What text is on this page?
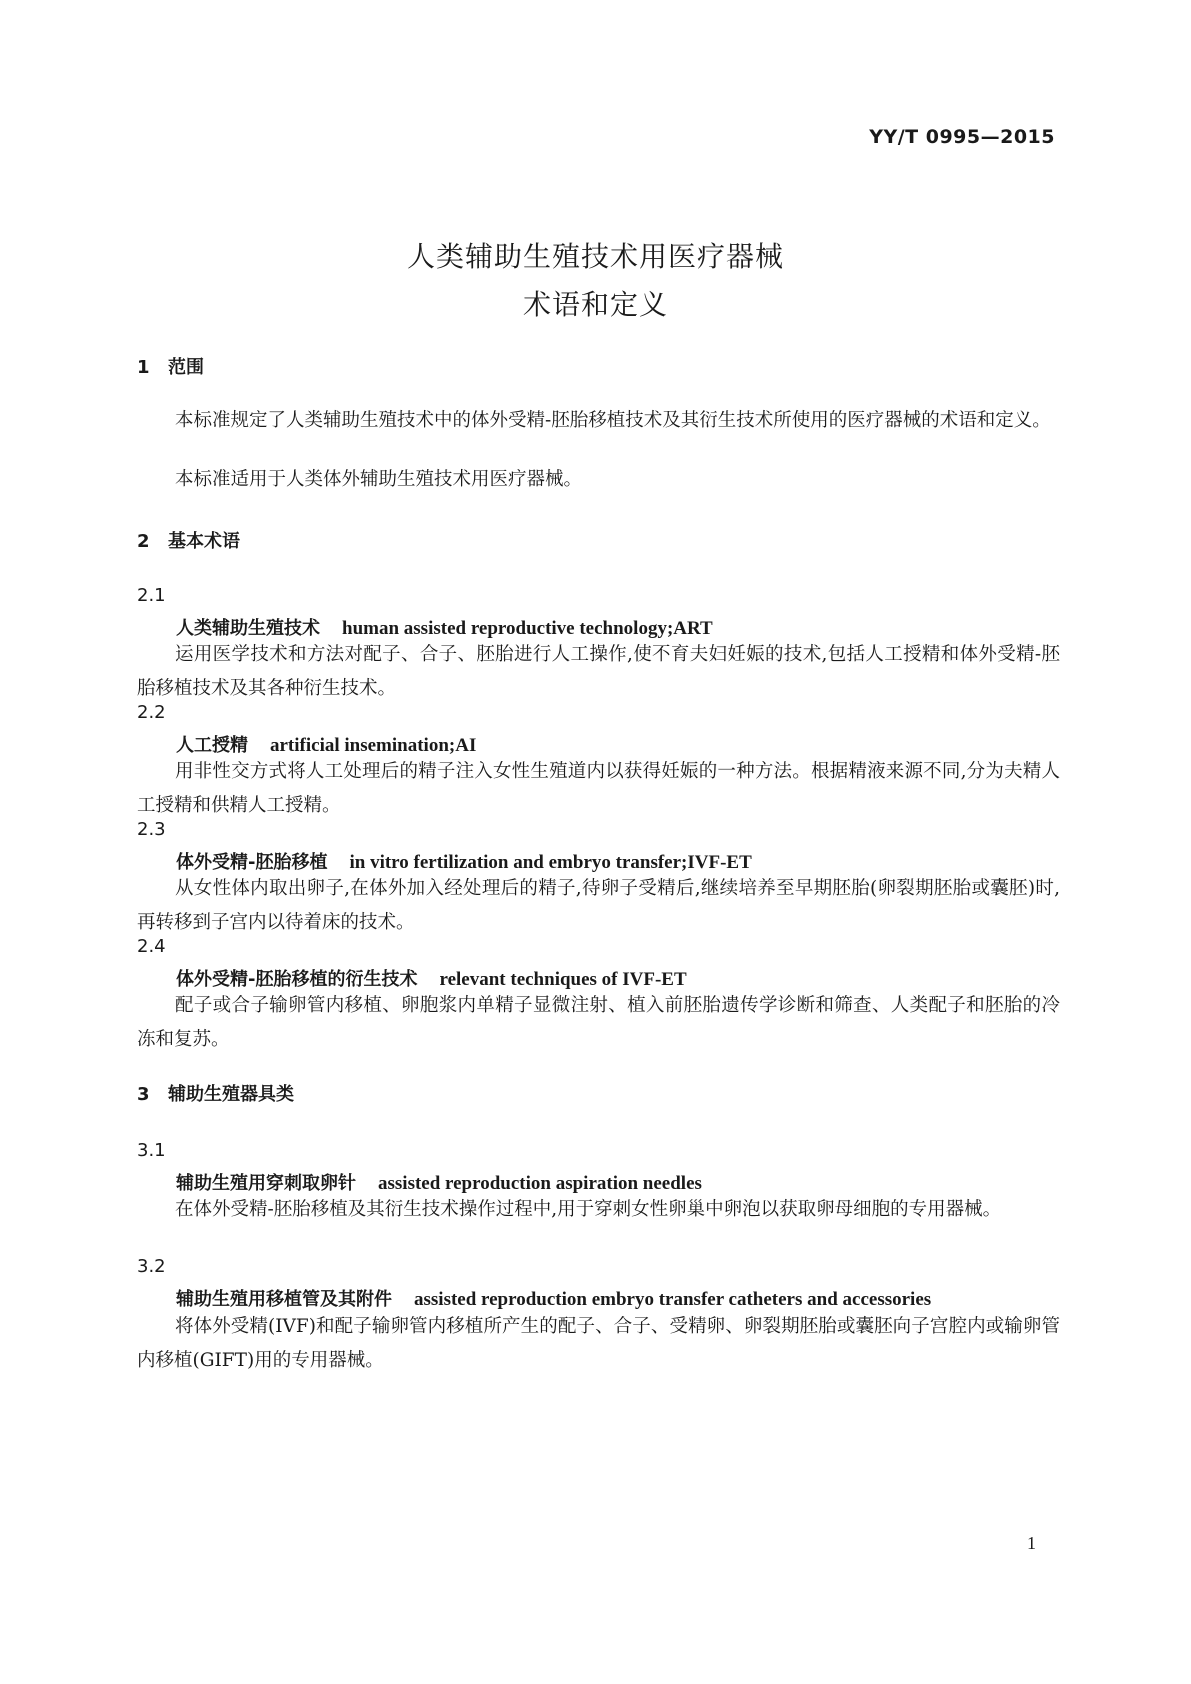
YY/T 0995—2015
人类辅助生殖技术用医疗器械
术语和定义
1 范围
本标准规定了人类辅助生殖技术中的体外受精-胚胎移植技术及其衍生技术所使用的医疗器械的术语和定义。
本标准适用于人类体外辅助生殖技术用医疗器械。
2 基本术语
2.1
人类辅助生殖技术 human assisted reproductive technology;ART
运用医学技术和方法对配子、合子、胚胎进行人工操作,使不育夫妇妊娠的技术,包括人工授精和体外受精-胚胎移植技术及其各种衍生技术。
2.2
人工授精 artificial insemination;AI
用非性交方式将人工处理后的精子注入女性生殖道内以获得妊娠的一种方法。根据精液来源不同,分为夫精人工授精和供精人工授精。
2.3
体外受精-胚胎移植 in vitro fertilization and embryo transfer;IVF-ET
从女性体内取出卵子,在体外加入经处理后的精子,待卵子受精后,继续培养至早期胚胎(卵裂期胚胎或囊胚)时,再转移到子宫内以待着床的技术。
2.4
体外受精-胚胎移植的衍生技术 relevant techniques of IVF-ET
配子或合子输卵管内移植、卵胞浆内单精子显微注射、植入前胚胎遗传学诊断和筛查、人类配子和胚胎的冷冻和复苏。
3 辅助生殖器具类
3.1
辅助生殖用穿刺取卵针 assisted reproduction aspiration needles
在体外受精-胚胎移植及其衍生技术操作过程中,用于穿刺女性卵巢中卵泡以获取卵母细胞的专用器械。
3.2
辅助生殖用移植管及其附件 assisted reproduction embryo transfer catheters and accessories
将体外受精(IVF)和配子输卵管内移植所产生的配子、合子、受精卵、卵裂期胚胎或囊胚向子宫腔内或输卵管内移植(GIFT)用的专用器械。
1
